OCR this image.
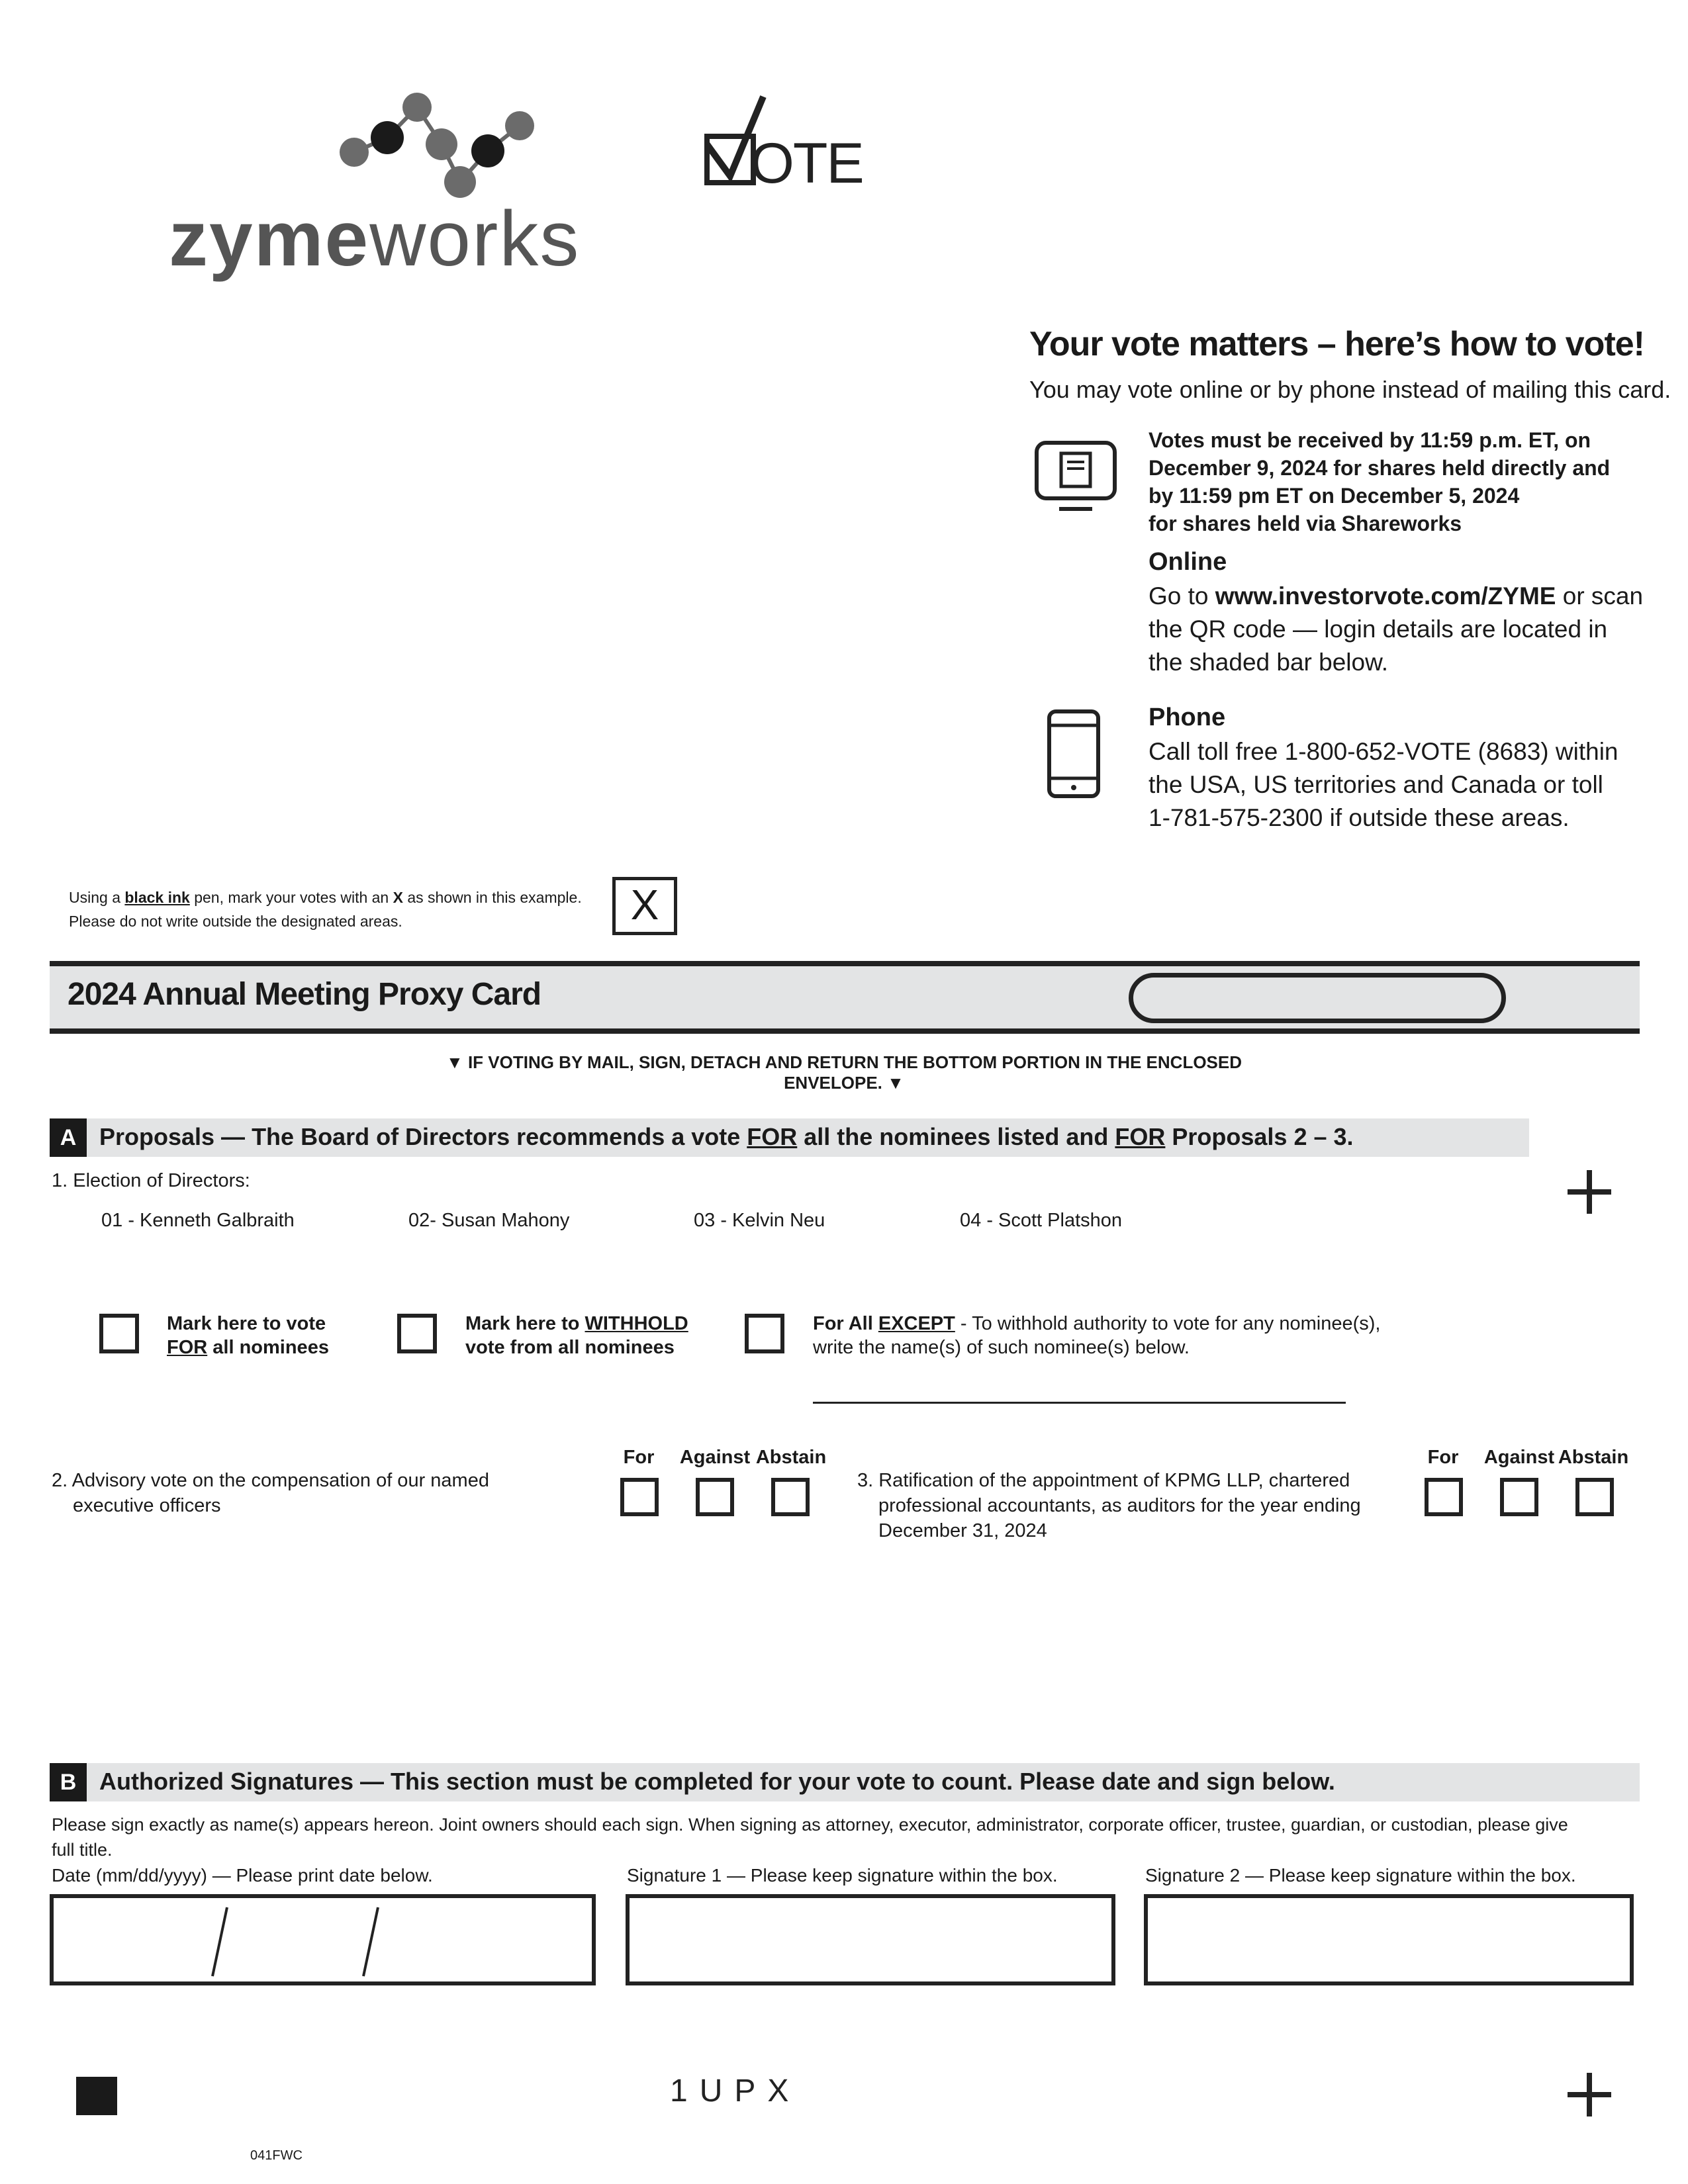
zymeworks
OTE
Your vote matters – here’s how to vote!
You may vote online or by phone instead of mailing this card.
Votes must be received by 11:59 p.m. ET, on
December 9, 2024 for shares held directly and
by 11:59 pm ET on December 5, 2024
for shares held via Shareworks
Online
Go to www.investorvote.com/ZYME or scan
the QR code — login details are located in
the shaded bar below.
Phone
Call toll free 1-800-652-VOTE (8683) within
the USA, US territories and Canada or toll
1-781-575-2300 if outside these areas.
Using a black ink pen, mark your votes with an X as shown in this example.
Please do not write outside the designated areas.	X
2024 Annual Meeting Proxy Card
▼ IF VOTING BY MAIL, SIGN, DETACH AND RETURN THE BOTTOM PORTION IN THE ENCLOSED ENVELOPE. ▼
A Proposals — The Board of Directors recommends a vote FOR all the nominees listed and FOR Proposals 2 – 3.
1. Election of Directors:
01 - Kenneth Galbraith	02- Susan Mahony	03 - Kelvin Neu	04 - Scott Platshon
Mark here to vote
FOR all nominees
Mark here to WITHHOLD
vote from all nominees
For All EXCEPT - To withhold authority to vote for any nominee(s),
write the name(s) of such nominee(s) below.
For	Against Abstain
2. Advisory vote on the compensation of our named
executive officers
For	Against Abstain
3. Ratification of the appointment of KPMG LLP, chartered
professional accountants, as auditors for the year ending
December 31, 2024
B Authorized Signatures — This section must be completed for your vote to count. Please date and sign below.
Please sign exactly as name(s) appears hereon. Joint owners should each sign. When signing as attorney, executor, administrator, corporate officer, trustee, guardian, or custodian, please give
full title.
Date (mm/dd/yyyy) — Please print date below.	Signature 1 — Please keep signature within the box.	Signature 2 — Please keep signature within the box.
1UPX
041FWC
